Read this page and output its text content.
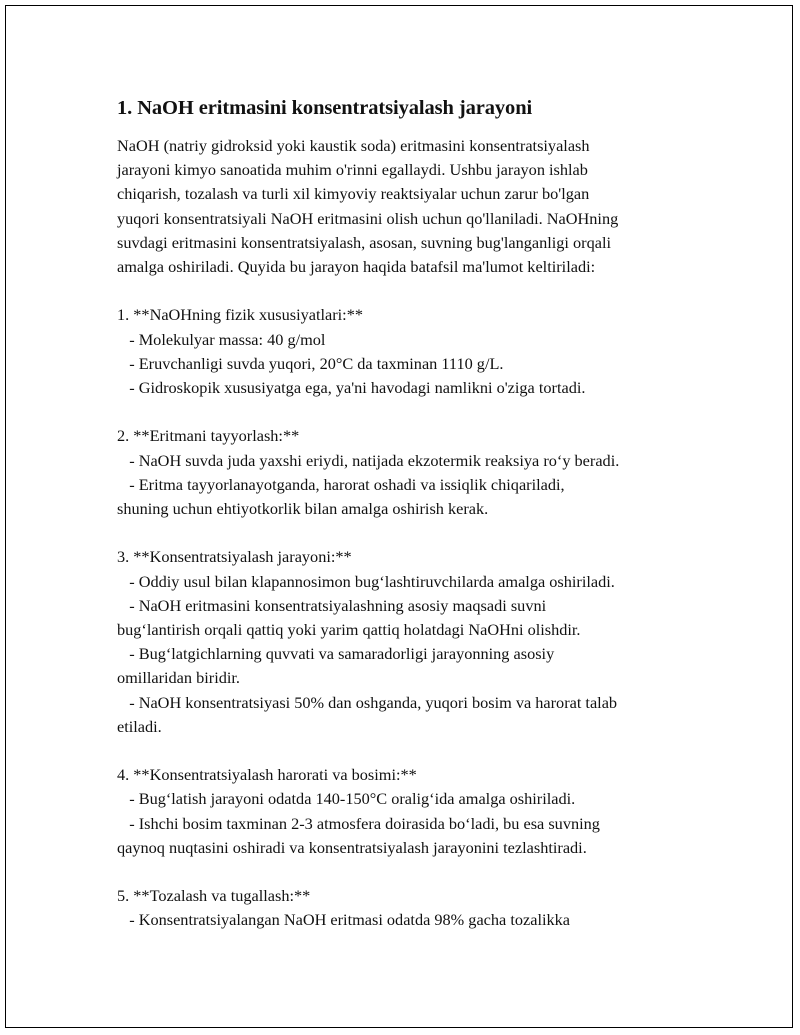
1. NaOH eritmasini konsentratsiyalash jarayoni
NaOH (natriy gidroksid yoki kaustik soda) eritmasini konsentratsiyalash
jarayoni kimyo sanoatida muhim o'rinni egallaydi. Ushbu jarayon ishlab
chiqarish, tozalash va turli xil kimyoviy reaktsiyalar uchun zarur bo'lgan
yuqori konsentratsiyali NaOH eritmasini olish uchun qo'llaniladi. NaOHning
suvdagi eritmasini konsentratsiyalash, asosan, suvning bug'langanligi orqali
amalga oshiriladi. Quyida bu jarayon haqida batafsil ma'lumot keltiriladi:
1. **NaOHning fizik xususiyatlari:**
- Molekulyar massa: 40 g/mol
- Eruvchanligi suvda yuqori, 20°C da taxminan 1110 g/L.
- Gidroskopik xususiyatga ega, ya'ni havodagi namlikni o'ziga tortadi.
2. **Eritmani tayyorlash:**
- NaOH suvda juda yaxshi eriydi, natijada ekzotermik reaksiya ro‘y beradi.
- Eritma tayyorlanayotganda, harorat oshadi va issiqlik chiqariladi,
shuning uchun ehtiyotkorlik bilan amalga oshirish kerak.
3. **Konsentratsiyalash jarayoni:**
- Oddiy usul bilan klapannosimon bug‘lashtiruvchilarda amalga oshiriladi.
- NaOH eritmasini konsentratsiyalashning asosiy maqsadi suvni
bug‘lantirish orqali qattiq yoki yarim qattiq holatdagi NaOHni olishdir.
- Bug‘latgichlarning quvvati va samaradorligi jarayonning asosiy
omillaridan biridir.
- NaOH konsentratsiyasi 50% dan oshganda, yuqori bosim va harorat talab
etiladi.
4. **Konsentratsiyalash harorati va bosimi:**
- Bug‘latish jarayoni odatda 140-150°C oralig‘ida amalga oshiriladi.
- Ishchi bosim taxminan 2-3 atmosfera doirasida bo‘ladi, bu esa suvning
qaynoq nuqtasini oshiradi va konsentratsiyalash jarayonini tezlashtiradi.
5. **Tozalash va tugallash:**
- Konsentratsiyalangan NaOH eritmasi odatda 98% gacha tozalikka
